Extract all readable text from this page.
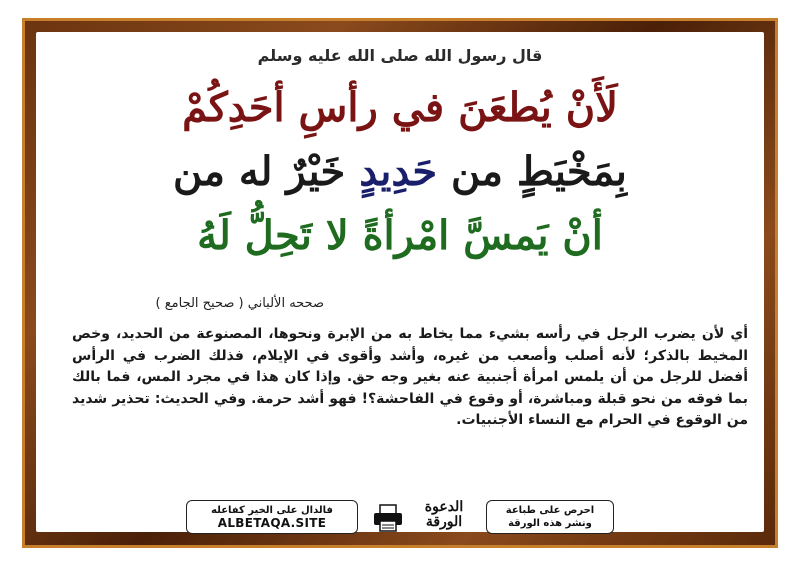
قال رسول الله صلى الله عليه وسلم
لَأَنْ يُطعَنَ في رأسِ أحَدِكُمْ
بِمَخْيَطٍ من حَدِيدٍ خَيْرٌ له من
أنْ يَمسَّ امْرأةً لا تَحِلُّ لَهُ
صححه الألباني ( صحيح الجامع )
أي لأن يضرب الرجل في رأسه بشيء مما يخاط به من الإبرة ونحوها، المصنوعة من الحديد، وخص المخيط بالذكر؛ لأنه أصلب وأصعب من غيره، وأشد وأقوى في الإيلام، فذلك الضرب في الرأس أفضل للرجل من أن يلمس امرأة أجنبية عنه بغير وجه حق. وإذا كان هذا في مجرد المس، فما بالك بما فوقه من نحو قبلة ومباشرة، أو وقوع في الفاحشة؟! فهو أشد حرمة. وفي الحديث: تحذير شديد من الوقوع في الحرام مع النساء الأجنبيات.
فالدال على الخير كفاعله
ALBETAQA.SITE
الدعوة
الورقة
احرص على طباعة
ونشر هذه الورقة
